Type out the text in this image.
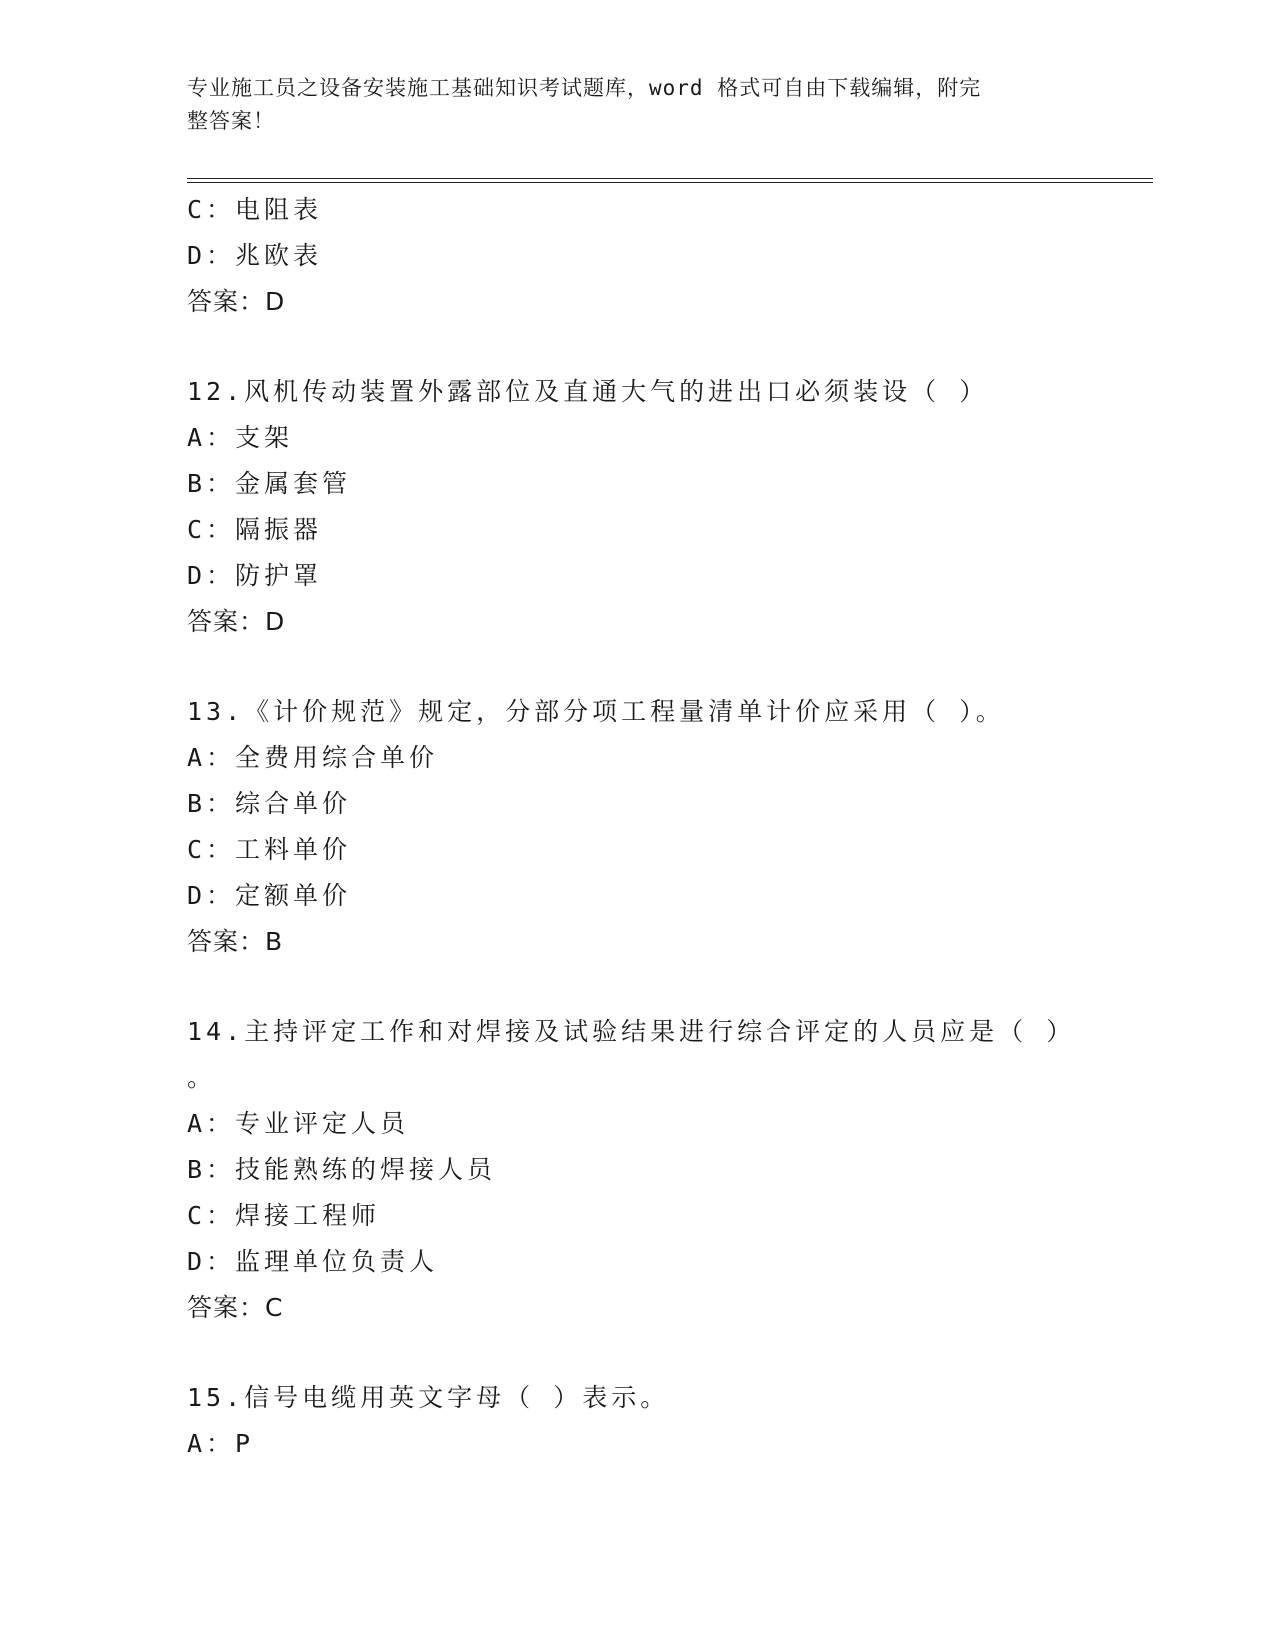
专业施工员之设备安装施工基础知识考试题库，word 格式可自由下载编辑，附完
整答案！
C：电阻表
D：兆欧表
答案：D
12.风机传动装置外露部位及直通大气的进出口必须装设（ ）
A：支架
B：金属套管
C：隔振器
D：防护罩
答案：D
13.《计价规范》规定，分部分项工程量清单计价应采用（ ）。
A：全费用综合单价
B：综合单价
C：工料单价
D：定额单价
答案：B
14.主持评定工作和对焊接及试验结果进行综合评定的人员应是（ ）
。
A：专业评定人员
B：技能熟练的焊接人员
C：焊接工程师
D：监理单位负责人
答案：C
15.信号电缆用英文字母（ ）表示。
A：P
